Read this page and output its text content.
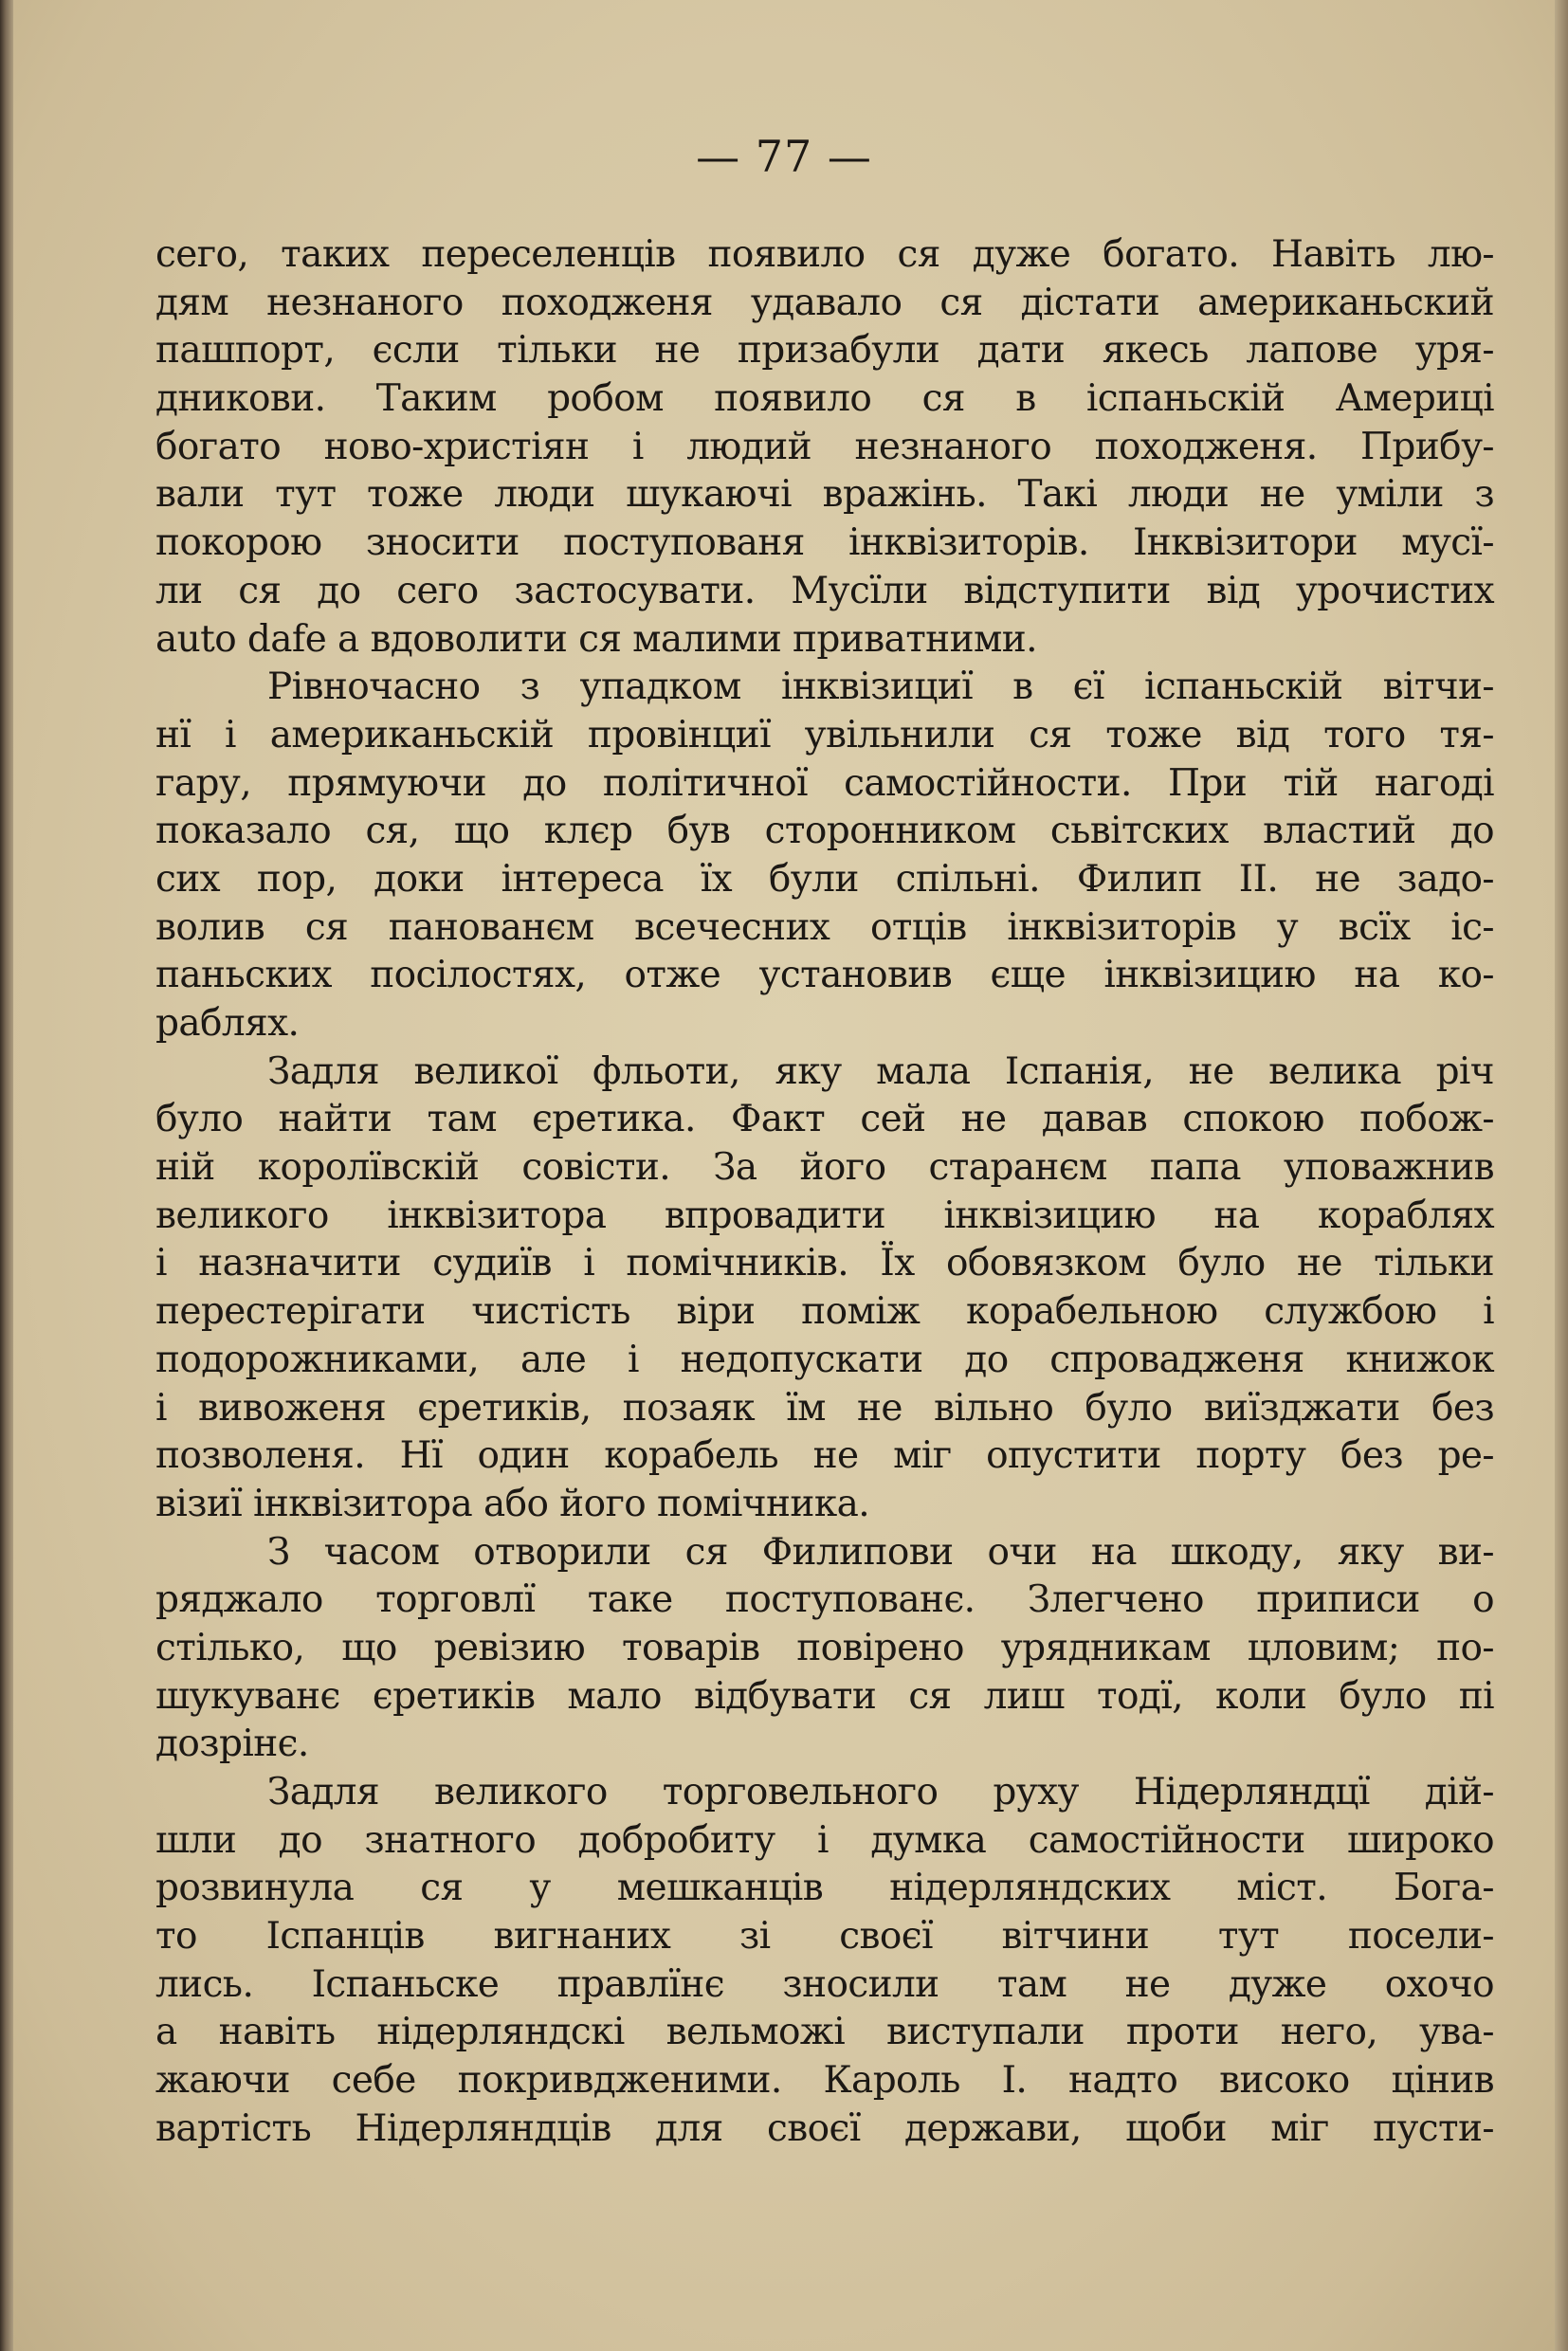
— 77 —
сего, таких переселенців появило ся дуже богато. Навіть лю-
дям незнаного походженя удавало ся дістати американьский
пашпорт, єсли тільки не призабули дати якесь лапове уря-
дникови. Таким робом появило ся в іспаньскій Америці
богато ново-христіян і людий незнаного походженя. Прибу-
вали тут тоже люди шукаючі вражінь. Такі люди не уміли з
покорою зносити поступованя інквізиторів. Інквізитори мусї-
ли ся до сего застосувати. Мусїли відступити від урочистих
auto dafe а вдоволити ся малими приватними.
Рівночасно з упадком інквізициї в єї іспаньскій вітчи-
нї і американьскій провінциї увільнили ся тоже від того тя-
гару, прямуючи до політичної самостійности. При тій нагоді
показало ся, що клєр був сторонником сьвітских властий до
сих пор, доки інтереса їх були спільні. Филип II. не задо-
волив ся панованєм всечесних отців інквізиторів у всїх іс-
паньских посілостях, отже установив єще інквізицию на ко-
раблях.
Задля великої фльоти, яку мала Іспанія, не велика річ
було найти там єретика. Факт сей не давав спокою побож-
ній королївскій совісти. За його старанєм папа уповажнив
великого інквізитора впровадити інквізицию на кораблях
і назначити судиїв і помічників. Їх обовязком було не тільки
перестерігати чистість віри поміж корабельною службою і
подорожниками, але і недопускати до спровадженя книжок
і вивоженя єретиків, позаяк їм не вільно було виїзджати без
позволеня. Нї один корабель не міг опустити порту без ре-
візиї інквізитора або його помічника.
З часом отворили ся Филипови очи на шкоду, яку ви-
ряджало торговлї таке поступованє. Злегчено приписи о
стілько, що ревізию товарів повірено урядникам цловим; по-
шукуванє єретиків мало відбувати ся лиш тодї, коли було пі
дозрінє.
Задля великого торговельного руху Нідерляндцї дій-
шли до знатного добробиту і думка самостійности широко
розвинула ся у мешканців нідерляндских міст. Бога-
то Іспанців вигнаних зі своєї вітчини тут посели-
лись. Іспаньске правлїнє зносили там не дуже охочо
а навіть нідерляндскі вельможі виступали проти него, ува-
жаючи себе покривдженими. Кароль І. надто високо цінив
вартість Нідерляндців для своєї держави, щоби міг пусти-
